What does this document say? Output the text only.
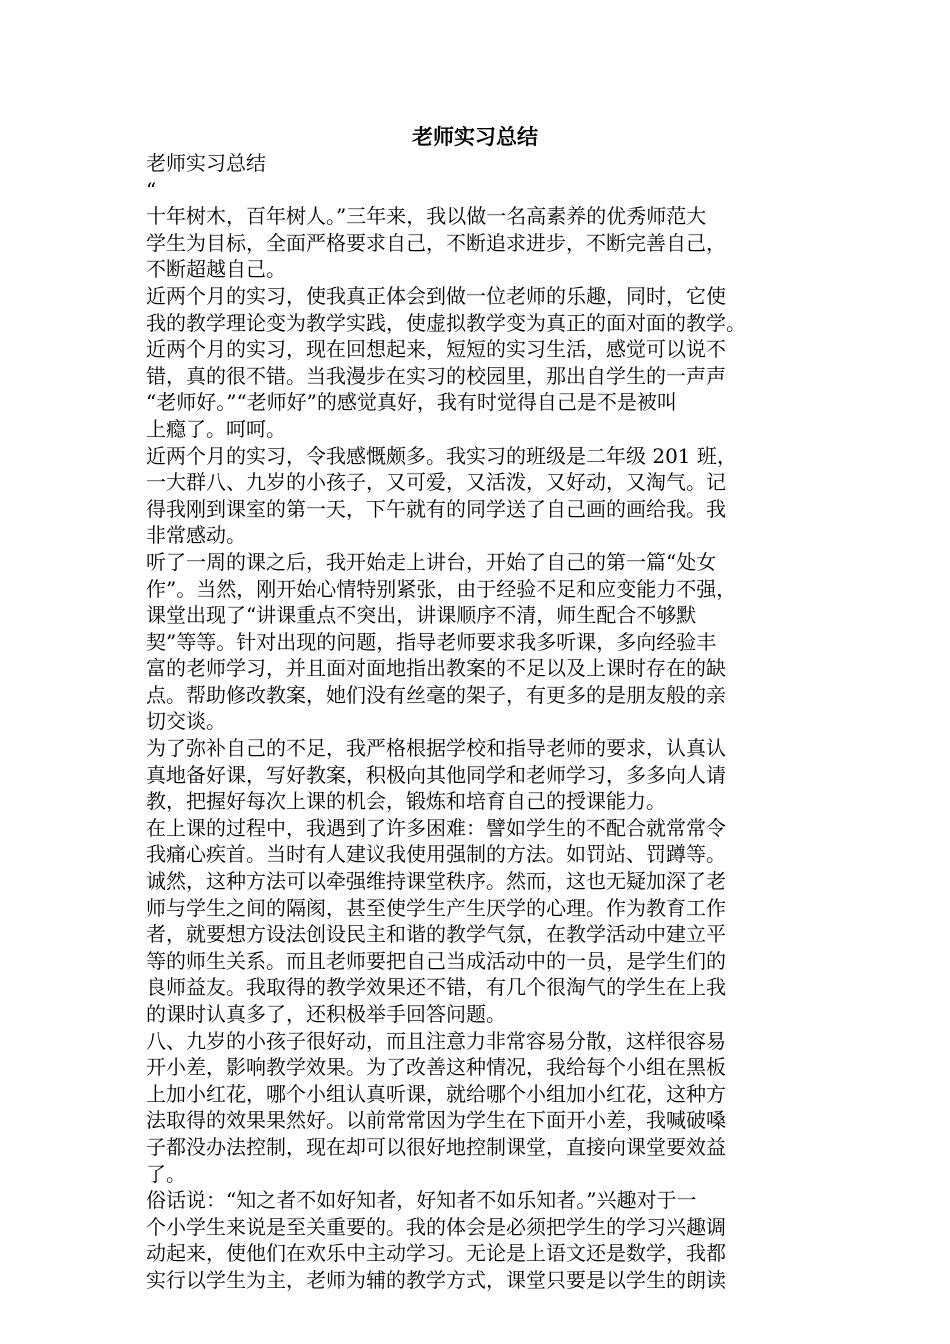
老师实习总结
老师实习总结
“
十年树木，百年树人。”三年来，我以做一名高素养的优秀师范大
学生为目标，全面严格要求自己，不断追求进步，不断完善自己，
不断超越自己。
近两个月的实习，使我真正体会到做一位老师的乐趣，同时，它使
我的教学理论变为教学实践，使虚拟教学变为真正的面对面的教学。
近两个月的实习，现在回想起来，短短的实习生活，感觉可以说不
错，真的很不错。当我漫步在实习的校园里，那出自学生的一声声
“老师好。”“老师好”的感觉真好，我有时觉得自己是不是被叫
上瘾了。呵呵。
近两个月的实习，令我感慨颇多。我实习的班级是二年级 201 班，
一大群八、九岁的小孩子，又可爱，又活泼，又好动，又淘气。记
得我刚到课室的第一天，下午就有的同学送了自己画的画给我。我
非常感动。
听了一周的课之后，我开始走上讲台，开始了自己的第一篇“处女
作”。当然，刚开始心情特别紧张，由于经验不足和应变能力不强，
课堂出现了“讲课重点不突出，讲课顺序不清，师生配合不够默
契”等等。针对出现的问题，指导老师要求我多听课，多向经验丰
富的老师学习，并且面对面地指出教案的不足以及上课时存在的缺
点。帮助修改教案，她们没有丝毫的架子，有更多的是朋友般的亲
切交谈。
为了弥补自己的不足，我严格根据学校和指导老师的要求，认真认
真地备好课，写好教案，积极向其他同学和老师学习，多多向人请
教，把握好每次上课的机会，锻炼和培育自己的授课能力。
在上课的过程中，我遇到了许多困难：譬如学生的不配合就常常令
我痛心疾首。当时有人建议我使用强制的方法。如罚站、罚蹲等。
诚然，这种方法可以牵强维持课堂秩序。然而，这也无疑加深了老
师与学生之间的隔阂，甚至使学生产生厌学的心理。作为教育工作
者，就要想方设法创设民主和谐的教学气氛，在教学活动中建立平
等的师生关系。而且老师要把自己当成活动中的一员，是学生们的
良师益友。我取得的教学效果还不错，有几个很淘气的学生在上我
的课时认真多了，还积极举手回答问题。
八、九岁的小孩子很好动，而且注意力非常容易分散，这样很容易
开小差，影响教学效果。为了改善这种情况，我给每个小组在黑板
上加小红花，哪个小组认真听课，就给哪个小组加小红花，这种方
法取得的效果果然好。以前常常因为学生在下面开小差，我喊破嗓
子都没办法控制，现在却可以很好地控制课堂，直接向课堂要效益
了。
俗话说：“知之者不如好知者，好知者不如乐知者。”兴趣对于一
个小学生来说是至关重要的。我的体会是必须把学生的学习兴趣调
动起来，使他们在欢乐中主动学习。无论是上语文还是数学，我都
实行以学生为主，老师为辅的教学方式，课堂只要是以学生的朗读
